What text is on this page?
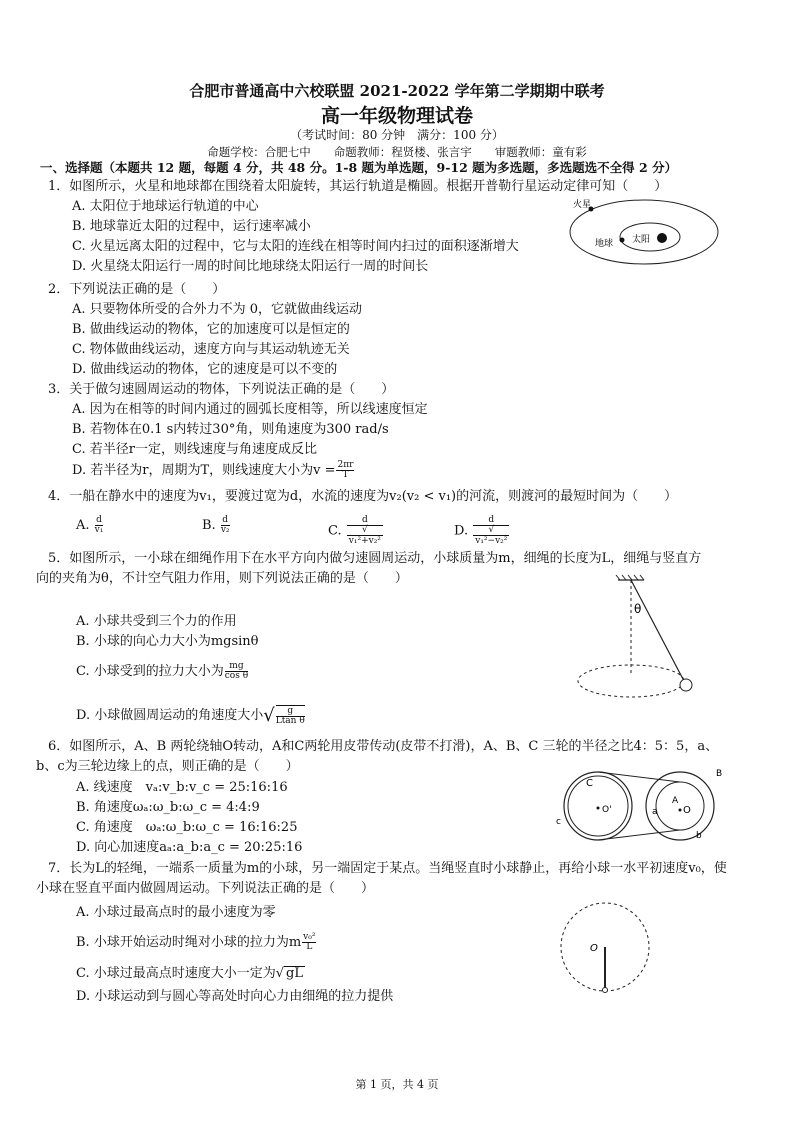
合肥市普通高中六校联盟 2021-2022 学年第二学期期中联考
高一年级物理试卷
（考试时间：80 分钟　满分：100 分）
命题学校：合肥七中　　命题教师：程贤楼、张言宇　　审题教师：童有彩
一、选择题（本题共 12 题，每题 4 分，共 48 分。1-8 题为单选题，9-12 题为多选题，多选题选不全得 2 分）
1．如图所示，火星和地球都在围绕着太阳旋转，其运行轨道是椭圆。根据开普勒行星运动定律可知（　　）
A. 太阳位于地球运行轨道的中心
B. 地球靠近太阳的过程中，运行速率减小
C. 火星远离太阳的过程中，它与太阳的连线在相等时间内扫过的面积逐渐增大
D. 火星绕太阳运行一周的时间比地球绕太阳运行一周的时间长
火星
地球 太阳
2．下列说法正确的是（　　）
A. 只要物体所受的合外力不为 0，它就做曲线运动
B. 做曲线运动的物体，它的加速度可以是恒定的
C. 物体做曲线运动，速度方向与其运动轨迹无关
D. 做曲线运动的物体，它的速度是可以不变的
3．关于做匀速圆周运动的物体，下列说法正确的是（　　）
A. 因为在相等的时间内通过的圆弧长度相等，所以线速度恒定
B. 若物体在0.1 s内转过30°角，则角速度为300 rad/s
C. 若半径r一定，则线速度与角速度成反比
D. 若半径为r，周期为T，则线速度大小为$v = \frac{2\pi r}{T}$
4．一船在静水中的速度为v₁，要渡过宽为d，水流的速度为v₂(v₂ < v₁)的河流，则渡河的最短时间为（　　）
A. $\frac{d}{\text{v₁}}$	B. $\frac{d}{\text{v₂}}$	C. d
√
v₁²+v₂²	D. d
√
v₁²−v₂²
5．如图所示，一小球在细绳作用下在水平方向内做匀速圆周运动，小球质量为m，细绳的长度为L，细绳与竖直方
向的夹角为θ，不计空气阻力作用，则下列说法正确的是（　　）
A. 小球共受到三个力的作用
B. 小球的向心力大小为mgsinθ
C. 小球受到的拉力大小为 $\frac{mg}{\text{cos θ}}$
D. 小球做圆周运动的角速度大小√ $\frac{g}{\text{Ltan θ}}$
θ
6．如图所示，A、B 两轮绕轴O转动，A和C两轮用皮带传动(皮带不打滑)，A、B、C 三轮的半径之比4：5：5，a、
b、c为三轮边缘上的点，则正确的是（　　）
A. 线速度　vₐ:v_b:v_c = 25:16:16
B. 角速度ωₐ:ω_b:ω_c = 4:4:9
C. 角速度　ωₐ:ω_b:ω_c = 16:16:25
D. 向心加速度aₐ:a_b:a_c = 20:25:16
C
O'
c
A
O
a
B
b
7．长为L的轻绳，一端系一质量为m的小球，另一端固定于某点。当绳竖直时小球静止，再给小球一水平初速度v₀，使
小球在竖直平面内做圆周运动。下列说法正确的是（　　）
A. 小球过最高点时的最小速度为零
B. 小球开始运动时绳对小球的拉力为m $\frac{\text{v₀²}}{L}$
C. 小球过最高点时速度大小一定为√ gL
D. 小球运动到与圆心等高处时向心力由细绳的拉力提供
O
第 1 页，共 4 页
